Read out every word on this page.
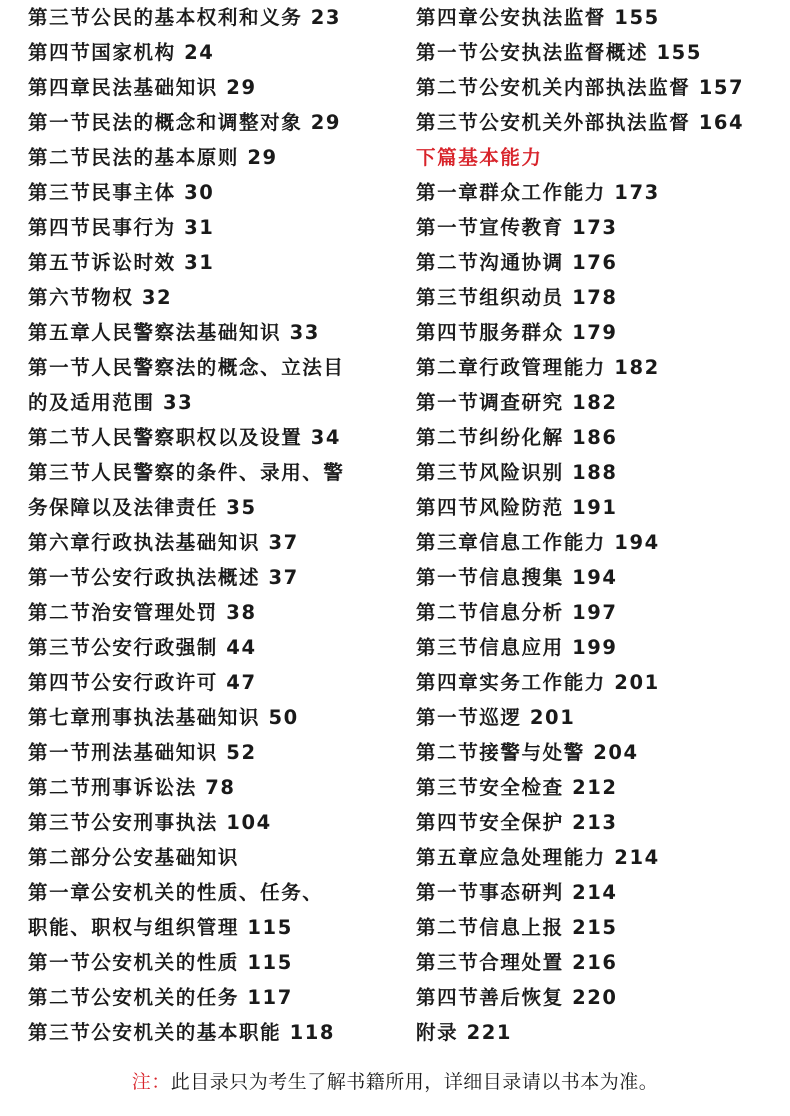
第三节公民的基本权利和义务 23
第四节国家机构 24
第四章民法基础知识 29
第一节民法的概念和调整对象 29
第二节民法的基本原则 29
第三节民事主体 30
第四节民事行为 31
第五节诉讼时效 31
第六节物权 32
第五章人民警察法基础知识 33
第一节人民警察法的概念、立法目
的及适用范围 33
第二节人民警察职权以及设置 34
第三节人民警察的条件、录用、警
务保障以及法律责任 35
第六章行政执法基础知识 37
第一节公安行政执法概述 37
第二节治安管理处罚 38
第三节公安行政强制 44
第四节公安行政许可 47
第七章刑事执法基础知识 50
第一节刑法基础知识 52
第二节刑事诉讼法 78
第三节公安刑事执法 104
第二部分公安基础知识
第一章公安机关的性质、任务、
职能、职权与组织管理 115
第一节公安机关的性质 115
第二节公安机关的任务 117
第三节公安机关的基本职能 118
第四章公安执法监督 155
第一节公安执法监督概述 155
第二节公安机关内部执法监督 157
第三节公安机关外部执法监督 164
下篇基本能力
第一章群众工作能力 173
第一节宣传教育 173
第二节沟通协调 176
第三节组织动员 178
第四节服务群众 179
第二章行政管理能力 182
第一节调查研究 182
第二节纠纷化解 186
第三节风险识别 188
第四节风险防范 191
第三章信息工作能力 194
第一节信息搜集 194
第二节信息分析 197
第三节信息应用 199
第四章实务工作能力 201
第一节巡逻 201
第二节接警与处警 204
第三节安全检查 212
第四节安全保护 213
第五章应急处理能力 214
第一节事态研判 214
第二节信息上报 215
第三节合理处置 216
第四节善后恢复 220
附录 221
注：此目录只为考生了解书籍所用，详细目录请以书本为准。
